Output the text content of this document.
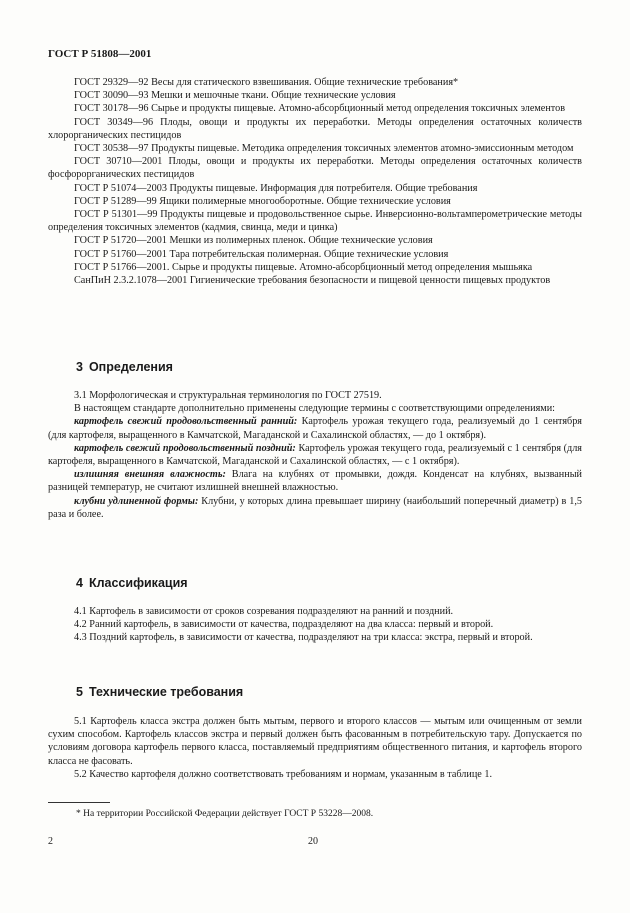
ГОСТ Р 51808—2001

ГОСТ 29329—92 Весы для статического взвешивания. Общие технические требования*

ГОСТ 30090—93 Мешки и мешочные ткани. Общие технические условия

ГОСТ 30178—96 Сырье и продукты пищевые. Атомно-абсорбционный метод определения токсичных элементов

ГОСТ 30349—96 Плоды, овощи и продукты их переработки. Методы определения остаточных количеств хлорорганических пестицидов

ГОСТ 30538—97 Продукты пищевые. Методика определения токсичных элементов атомно-эмиссионным методом

ГОСТ 30710—2001 Плоды, овощи и продукты их переработки. Методы определения остаточных количеств фосфорорганических пестицидов

ГОСТ Р 51074—2003 Продукты пищевые. Информация для потребителя. Общие требования

ГОСТ Р 51289—99 Ящики полимерные многооборотные. Общие технические условия

ГОСТ Р 51301—99 Продукты пищевые и продовольственное сырье. Инверсионно-вольтамперометрические методы определения токсичных элементов (кадмия, свинца, меди и цинка)

ГОСТ Р 51720—2001 Мешки из полимерных пленок. Общие технические условия

ГОСТ Р 51760—2001 Тара потребительская полимерная. Общие технические условия

ГОСТ Р 51766—2001. Сырье и продукты пищевые. Атомно-абсорбционный метод определения мышьяка

СанПиН 2.3.2.1078—2001 Гигиенические требования безопасности и пищевой ценности пищевых продуктов

3 Определения

3.1 Морфологическая и структуральная терминология по ГОСТ 27519.

В настоящем стандарте дополнительно применены следующие термины с соответствующими определениями:

картофель свежий продовольственный ранний: Картофель урожая текущего года, реализуемый до 1 сентября (для картофеля, выращенного в Камчатской, Магаданской и Сахалинской областях, — до 1 октября).

картофель свежий продовольственный поздний: Картофель урожая текущего года, реализуемый с 1 сентября (для картофеля, выращенного в Камчатской, Магаданской и Сахалинской областях, — с 1 октября).

излишняя внешняя влажность: Влага на клубнях от промывки, дождя. Конденсат на клубнях, вызванный разницей температур, не считают излишней внешней влажностью.

клубни удлиненной формы: Клубни, у которых длина превышает ширину (наибольший поперечный диаметр) в 1,5 раза и более.

4 Классификация

4.1 Картофель в зависимости от сроков созревания подразделяют на ранний и поздний.

4.2 Ранний картофель, в зависимости от качества, подразделяют на два класса: первый и второй.

4.3 Поздний картофель, в зависимости от качества, подразделяют на три класса: экстра, первый и второй.

5 Технические требования

5.1 Картофель класса экстра должен быть мытым, первого и второго классов — мытым или очищенным от земли сухим способом. Картофель классов экстра и первый должен быть фасованным в потребительскую тару. Допускается по условиям договора картофель первого класса, поставляемый предприятиям общественного питания, и картофель второго класса не фасовать.

5.2 Качество картофеля должно соответствовать требованиям и нормам, указанным в таблице 1.

* На территории Российской Федерации действует ГОСТ Р 53228—2008.
2	20
